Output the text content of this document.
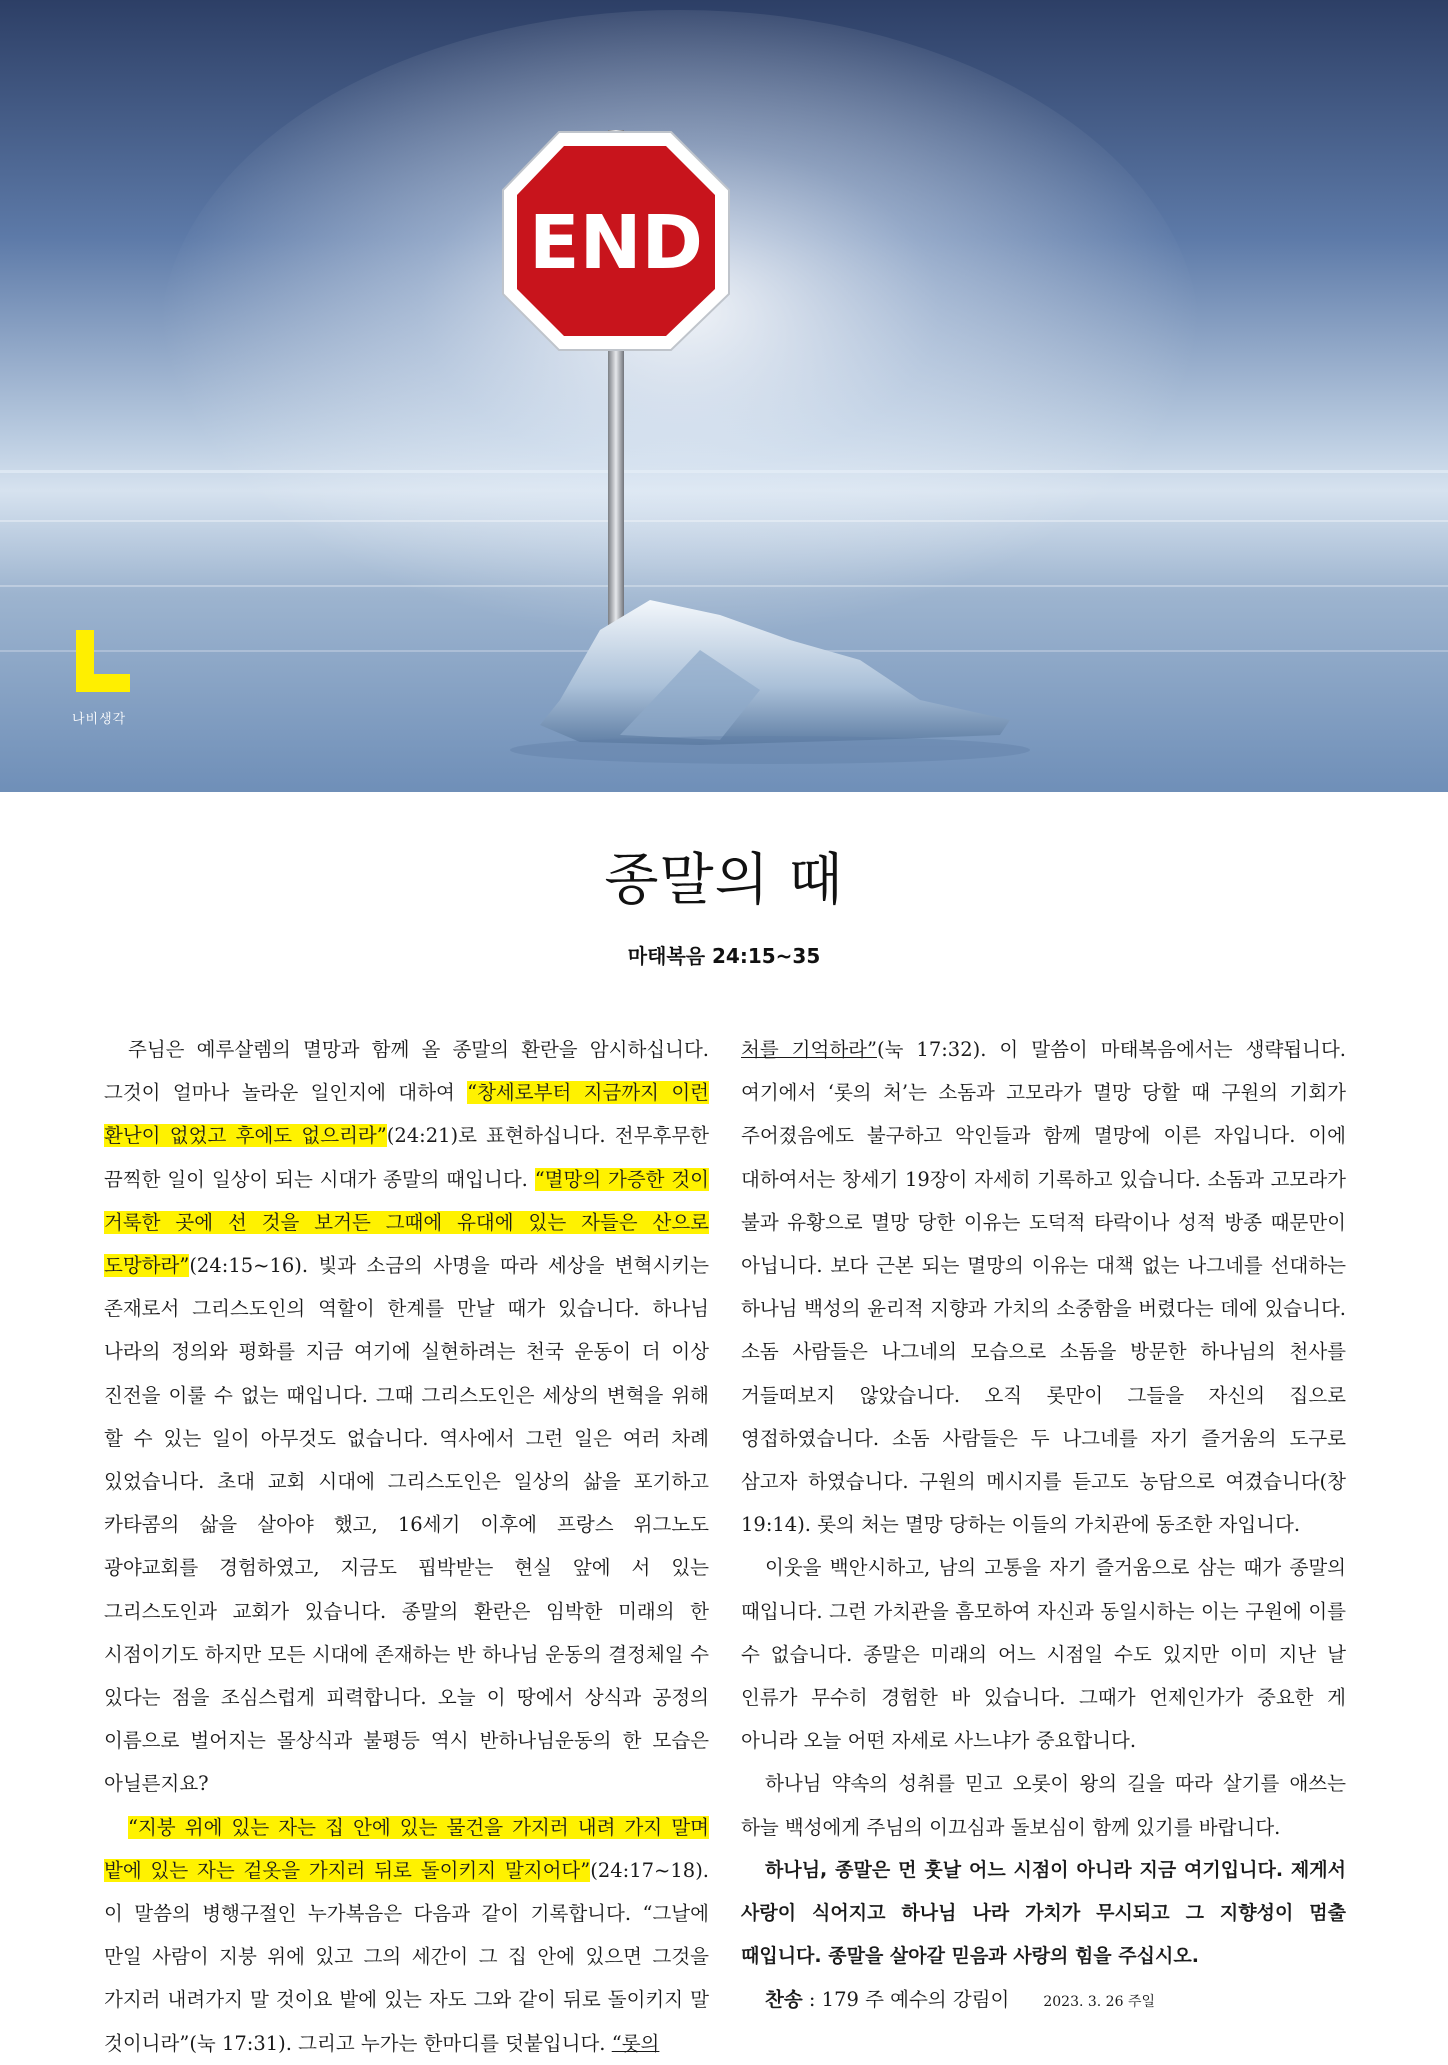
END
나비생각
종말의 때
마태복음 24:15~35

주님은 예루살렘의 멸망과 함께 올 종말의 환란을 암시하십니다. 그것이 얼마나 놀라운 일인지에 대하여 “창세로부터 지금까지 이런 환난이 없었고 후에도 없으리라”(24:21)로 표현하십니다. 전무후무한 끔찍한 일이 일상이 되는 시대가 종말의 때입니다. “멸망의 가증한 것이 거룩한 곳에 선 것을 보거든 그때에 유대에 있는 자들은 산으로 도망하라”(24:15~16). 빛과 소금의 사명을 따라 세상을 변혁시키는 존재로서 그리스도인의 역할이 한계를 만날 때가 있습니다. 하나님 나라의 정의와 평화를 지금 여기에 실현하려는 천국 운동이 더 이상 진전을 이룰 수 없는 때입니다. 그때 그리스도인은 세상의 변혁을 위해 할 수 있는 일이 아무것도 없습니다. 역사에서 그런 일은 여러 차례 있었습니다. 초대 교회 시대에 그리스도인은 일상의 삶을 포기하고 카타콤의 삶을 살아야 했고, 16세기 이후에 프랑스 위그노도 광야교회를 경험하였고, 지금도 핍박받는 현실 앞에 서 있는 그리스도인과 교회가 있습니다. 종말의 환란은 임박한 미래의 한 시점이기도 하지만 모든 시대에 존재하는 반 하나님 운동의 결정체일 수 있다는 점을 조심스럽게 피력합니다. 오늘 이 땅에서 상식과 공정의 이름으로 벌어지는 몰상식과 불평등 역시 반하나님운동의 한 모습은 아닐른지요?

“지붕 위에 있는 자는 집 안에 있는 물건을 가지러 내려 가지 말며 밭에 있는 자는 겉옷을 가지러 뒤로 돌이키지 말지어다”(24:17~18). 이 말씀의 병행구절인 누가복음은 다음과 같이 기록합니다. “그날에 만일 사람이 지붕 위에 있고 그의 세간이 그 집 안에 있으면 그것을 가지러 내려가지 말 것이요 밭에 있는 자도 그와 같이 뒤로 돌이키지 말 것이니라”(눅 17:31). 그리고 누가는 한마디를 덧붙입니다. “롯의

처를 기억하라”(눅 17:32). 이 말씀이 마태복음에서는 생략됩니다. 여기에서 ‘롯의 처’는 소돔과 고모라가 멸망 당할 때 구원의 기회가 주어졌음에도 불구하고 악인들과 함께 멸망에 이른 자입니다. 이에 대하여서는 창세기 19장이 자세히 기록하고 있습니다. 소돔과 고모라가 불과 유황으로 멸망 당한 이유는 도덕적 타락이나 성적 방종 때문만이 아닙니다. 보다 근본 되는 멸망의 이유는 대책 없는 나그네를 선대하는 하나님 백성의 윤리적 지향과 가치의 소중함을 버렸다는 데에 있습니다. 소돔 사람들은 나그네의 모습으로 소돔을 방문한 하나님의 천사를 거들떠보지 않았습니다. 오직 롯만이 그들을 자신의 집으로 영접하였습니다. 소돔 사람들은 두 나그네를 자기 즐거움의 도구로 삼고자 하였습니다. 구원의 메시지를 듣고도 농담으로 여겼습니다(창 19:14). 롯의 처는 멸망 당하는 이들의 가치관에 동조한 자입니다.

이웃을 백안시하고, 남의 고통을 자기 즐거움으로 삼는 때가 종말의 때입니다. 그런 가치관을 흠모하여 자신과 동일시하는 이는 구원에 이를 수 없습니다. 종말은 미래의 어느 시점일 수도 있지만 이미 지난 날 인류가 무수히 경험한 바 있습니다. 그때가 언제인가가 중요한 게 아니라 오늘 어떤 자세로 사느냐가 중요합니다.

하나님 약속의 성취를 믿고 오롯이 왕의 길을 따라 살기를 애쓰는 하늘 백성에게 주님의 이끄심과 돌보심이 함께 있기를 바랍니다.

하나님, 종말은 먼 훗날 어느 시점이 아니라 지금 여기입니다. 제게서 사랑이 식어지고 하나님 나라 가치가 무시되고 그 지향성이 멈출 때입니다. 종말을 살아갈 믿음과 사랑의 힘을 주십시오.

찬송 : 179 주 예수의 강림이 2023. 3. 26 주일
